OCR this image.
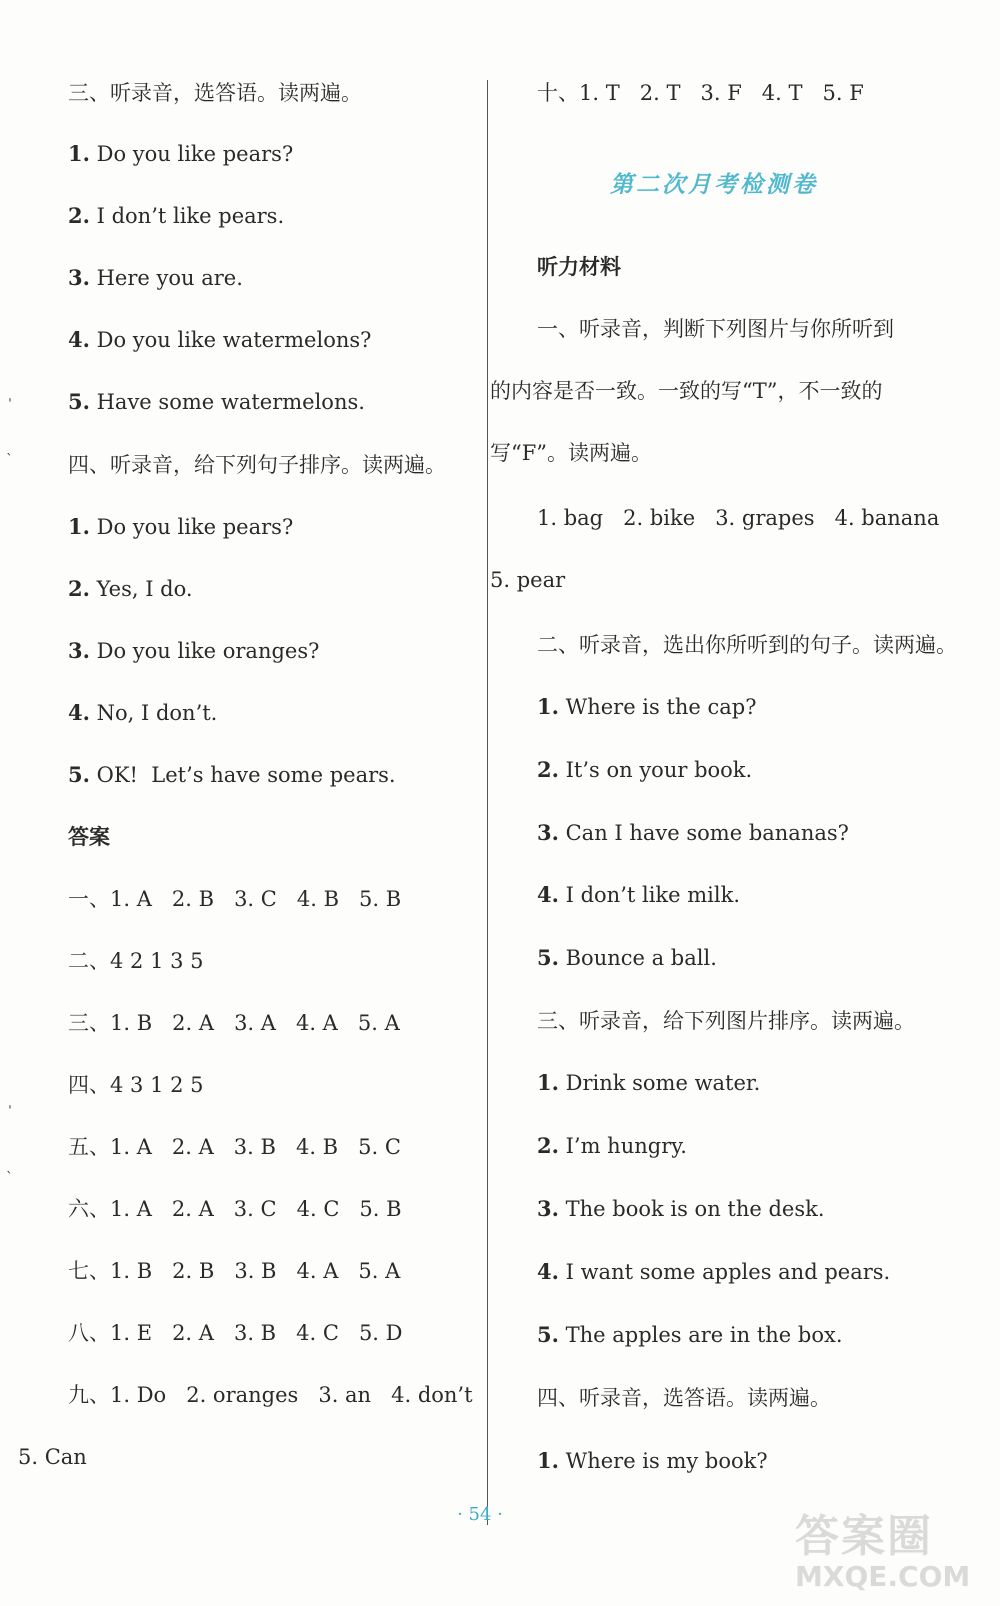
三、听录音，选答语。读两遍。
1. Do you like pears?
2. I don’t like pears.
3. Here you are.
4. Do you like watermelons?
5. Have some watermelons.
四、听录音，给下列句子排序。读两遍。
1. Do you like pears?
2. Yes, I do.
3. Do you like oranges?
4. No, I don’t.
5. OK!  Let’s have some pears.
答案
一、1. A   2. B   3. C   4. B   5. B
二、4 2 1 3 5
三、1. B   2. A   3. A   4. A   5. A
四、4 3 1 2 5
五、1. A   2. A   3. B   4. B   5. C
六、1. A   2. A   3. C   4. C   5. B
七、1. B   2. B   3. B   4. A   5. A
八、1. E   2. A   3. B   4. C   5. D
九、1. Do   2. oranges   3. an   4. don’t
5. Can
ˌ
ˋ
ˌ
ˋ
十、1. T   2. T   3. F   4. T   5. F
第二次月考检测卷
听力材料
一、听录音，判断下列图片与你所听到
的内容是否一致。一致的写“T”，不一致的
写“F”。读两遍。
1. bag   2. bike   3. grapes   4. banana
5. pear
二、听录音，选出你所听到的句子。读两遍。
1. Where is the cap?
2. It’s on your book.
3. Can I have some bananas?
4. I don’t like milk.
5. Bounce a ball.
三、听录音，给下列图片排序。读两遍。
1. Drink some water.
2. I’m hungry.
3. The book is on the desk.
4. I want some apples and pears.
5. The apples are in the box.
四、听录音，选答语。读两遍。
1. Where is my book?
· 54 ·	答案圈
MXQE.COM
